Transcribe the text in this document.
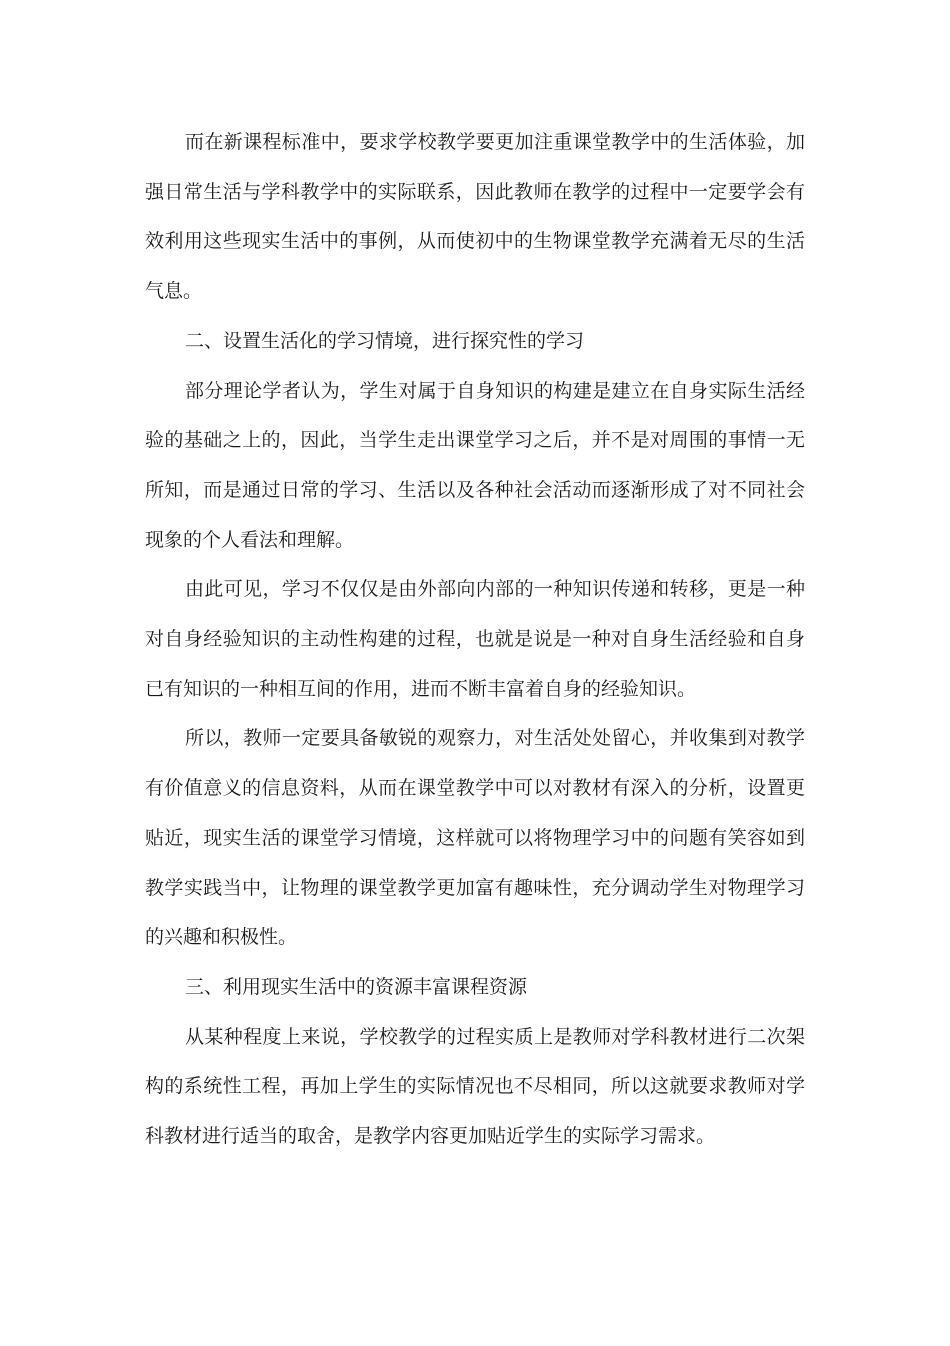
而在新课程标准中，要求学校教学要更加注重课堂教学中的生活体验，加强日常生活与学科教学中的实际联系，因此教师在教学的过程中一定要学会有效利用这些现实生活中的事例，从而使初中的生物课堂教学充满着无尽的生活气息。

二、设置生活化的学习情境，进行探究性的学习

部分理论学者认为，学生对属于自身知识的构建是建立在自身实际生活经验的基础之上的，因此，当学生走出课堂学习之后，并不是对周围的事情一无所知，而是通过日常的学习、生活以及各种社会活动而逐渐形成了对不同社会现象的个人看法和理解。

由此可见，学习不仅仅是由外部向内部的一种知识传递和转移，更是一种对自身经验知识的主动性构建的过程，也就是说是一种对自身生活经验和自身已有知识的一种相互间的作用，进而不断丰富着自身的经验知识。

所以，教师一定要具备敏锐的观察力，对生活处处留心，并收集到对教学有价值意义的信息资料，从而在课堂教学中可以对教材有深入的分析，设置更贴近，现实生活的课堂学习情境，这样就可以将物理学习中的问题有笑容如到教学实践当中，让物理的课堂教学更加富有趣味性，充分调动学生对物理学习的兴趣和积极性。

三、利用现实生活中的资源丰富课程资源

从某种程度上来说，学校教学的过程实质上是教师对学科教材进行二次架构的系统性工程，再加上学生的实际情况也不尽相同，所以这就要求教师对学科教材进行适当的取舍，是教学内容更加贴近学生的实际学习需求。
